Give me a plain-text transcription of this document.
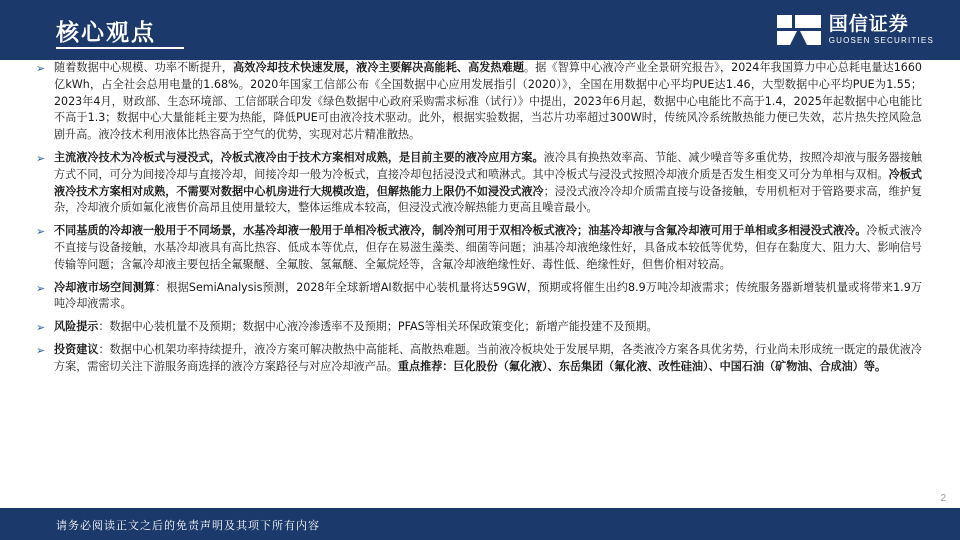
核心观点	国信证券
GUOSEN SECURITIES
➢ 随着数据中心规模、功率不断提升，高效冷却技术快速发展，液冷主要解决高能耗、高发热难题。据《智算中心液冷产业全景研究报告》，2024年我国算力中心总耗电量达1660亿kWh，占全社会总用电量的1.68%。2020年国家工信部公布《全国数据中心应用发展指引（2020）》，全国在用数据中心平均PUE达1.46，大型数据中心平均PUE为1.55；2023年4月，财政部、生态环境部、工信部联合印发《绿色数据中心政府采购需求标准（试行）》中提出，2023年6月起，数据中心电能比不高于1.4，2025年起数据中心电能比不高于1.3；数据中心大量能耗主要为热能，降低PUE可由液冷技术驱动。此外，根据实验数据，当芯片功率超过300W时，传统风冷系统散热能力便已失效，芯片热失控风险急剧升高。液冷技术利用液体比热容高于空气的优势，实现对芯片精准散热。
➢ 主流液冷技术为冷板式与浸没式，冷板式液冷由于技术方案相对成熟，是目前主要的液冷应用方案。液冷具有换热效率高、节能、减少噪音等多重优势，按照冷却液与服务器接触方式不同，可分为间接冷却与直接冷却，间接冷却一般为冷板式，直接冷却包括浸没式和喷淋式。其中冷板式与浸没式按照冷却液介质是否发生相变又可分为单相与双相。冷板式液冷技术方案相对成熟，不需要对数据中心机房进行大规模改造，但解热能力上限仍不如浸没式液冷；浸没式液冷冷却介质需直接与设备接触，专用机柜对于管路要求高，维护复杂，冷却液介质如氟化液售价高昂且使用量较大，整体运维成本较高，但浸没式液冷解热能力更高且噪音最小。
➢ 不同基质的冷却液一般用于不同场景，水基冷却液一般用于单相冷板式液冷，制冷剂可用于双相冷板式液冷；油基冷却液与含氟冷却液可用于单相或多相浸没式液冷。冷板式液冷不直接与设备接触，水基冷却液具有高比热容、低成本等优点，但存在易滋生藻类、细菌等问题；油基冷却液绝缘性好，具备成本较低等优势，但存在黏度大、阻力大、影响信号传输等问题；含氟冷却液主要包括全氟聚醚、全氟胺、氢氟醚、全氟烷烃等，含氟冷却液绝缘性好、毒性低、绝缘性好，但售价相对较高。
➢ 冷却液市场空间测算：根据SemiAnalysis预测，2028年全球新增AI数据中心装机量将达59GW，预期或将催生出约8.9万吨冷却液需求；传统服务器新增装机量或将带来1.9万吨冷却液需求。
➢ 风险提示：数据中心装机量不及预期；数据中心液冷渗透率不及预期；PFAS等相关环保政策变化；新增产能投建不及预期。
➢ 投资建议：数据中心机架功率持续提升，液冷方案可解决散热中高能耗、高散热难题。当前液冷板块处于发展早期，各类液冷方案各具优劣势，行业尚未形成统一既定的最优液冷方案，需密切关注下游服务商选择的液冷方案路径与对应冷却液产品。重点推荐：巨化股份（氟化液）、东岳集团（氟化液、改性硅油）、中国石油（矿物油、合成油）等。
2
请务必阅读正文之后的免责声明及其项下所有内容
